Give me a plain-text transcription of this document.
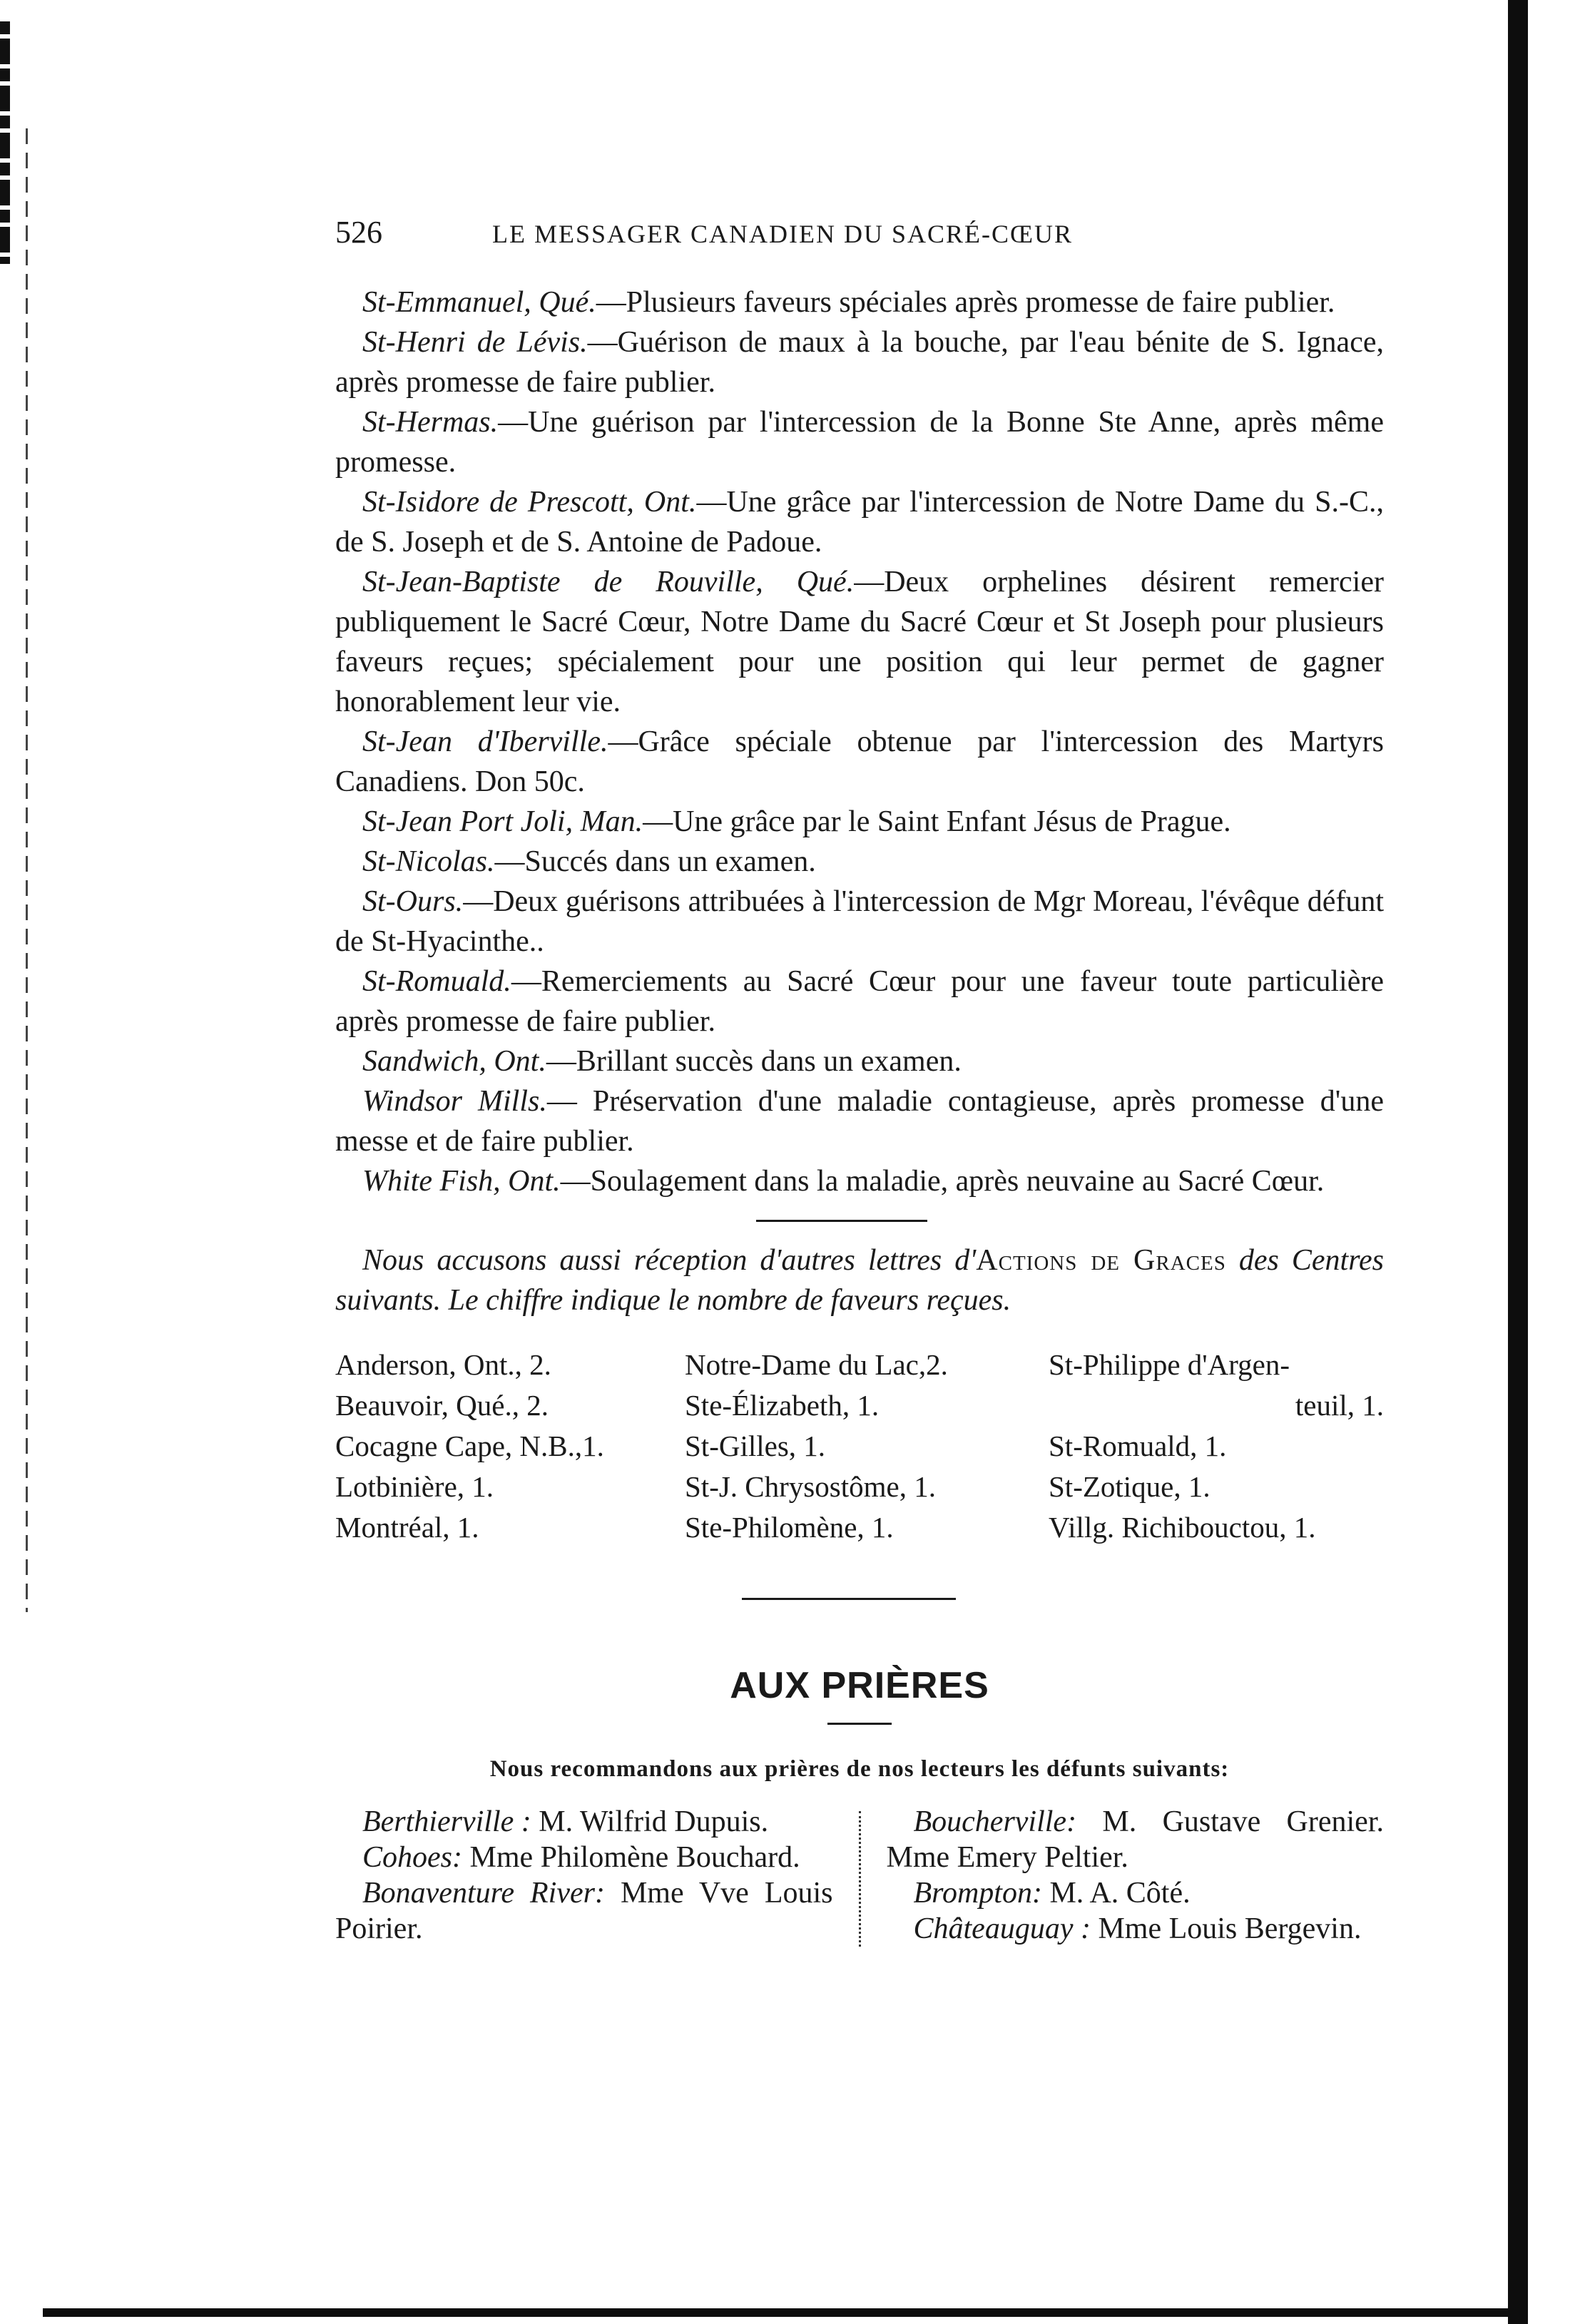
526	LE MESSAGER CANADIEN DU SACRÉ-CŒUR

St-Emmanuel, Qué.—Plusieurs faveurs spéciales après promesse de faire publier.

St-Henri de Lévis.—Guérison de maux à la bouche, par l'eau bénite de S. Ignace, après promesse de faire publier.

St-Hermas.—Une guérison par l'intercession de la Bonne Ste Anne, après même promesse.

St-Isidore de Prescott, Ont.—Une grâce par l'intercession de Notre Dame du S.-C., de S. Joseph et de S. Antoine de Padoue.

St-Jean-Baptiste de Rouville, Qué.—Deux orphelines désirent remercier publiquement le Sacré Cœur, Notre Dame du Sacré Cœur et St Joseph pour plusieurs faveurs reçues; spécialement pour une position qui leur permet de gagner honorablement leur vie.

St-Jean d'Iberville.—Grâce spéciale obtenue par l'intercession des Martyrs Canadiens. Don 50c.

St-Jean Port Joli, Man.—Une grâce par le Saint Enfant Jésus de Prague.

St-Nicolas.—Succés dans un examen.

St-Ours.—Deux guérisons attribuées à l'intercession de Mgr Moreau, l'évêque défunt de St-Hyacinthe..

St-Romuald.—Remerciements au Sacré Cœur pour une faveur toute particulière après promesse de faire publier.

Sandwich, Ont.—Brillant succès dans un examen.

Windsor Mills.— Préservation d'une maladie contagieuse, après promesse d'une messe et de faire publier.

White Fish, Ont.—Soulagement dans la maladie, après neuvaine au Sacré Cœur.

Nous accusons aussi réception d'autres lettres d'Actions de Graces des Centres suivants. Le chiffre indique le nombre de faveurs reçues.

Anderson, Ont., 2.
Beauvoir, Qué., 2.
Cocagne Cape, N.B.,1.
Lotbinière, 1.
Montréal, 1.
Notre-Dame du Lac,2.
Ste-Élizabeth, 1.
St-Gilles, 1.
St-J. Chrysostôme, 1.
Ste-Philomène, 1.
St-Philippe d'Argen-
teuil, 1.
St-Romuald, 1.
St-Zotique, 1.
Villg. Richibouctou, 1.
AUX PRIÈRES
Nous recommandons aux prières de nos lecteurs les défunts suivants:

Berthierville : M. Wilfrid Dupuis.

Cohoes: Mme Philomène Bouchard.

Bonaventure River: Mme Vve Louis Poirier.

Boucherville: M. Gustave Grenier. Mme Emery Peltier.

Brompton: M. A. Côté.

Châteauguay : Mme Louis Bergevin.
